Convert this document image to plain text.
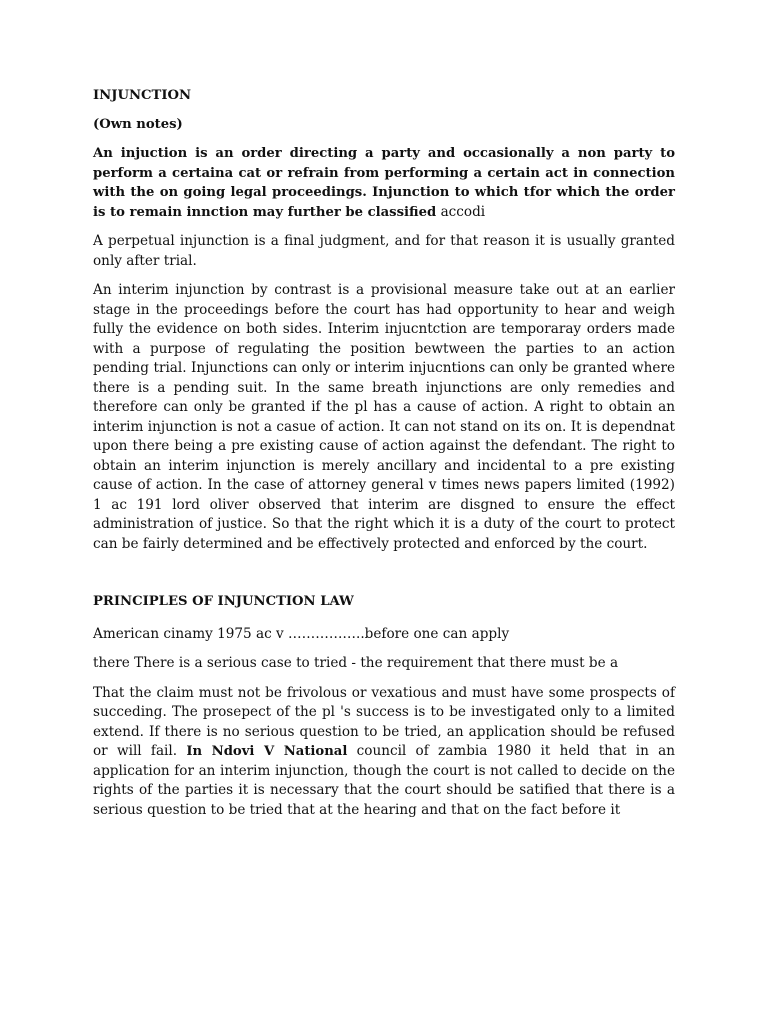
INJUNCTION

(Own notes)

An injuction is an order directing a party and occasionally a non party to perform a certaina cat or refrain from performing a certain act in connection with the on going legal proceedings. Injunction to which tfor which the order is to remain innction may further be classified accodi

A perpetual injunction is a final judgment, and for that reason it is usually granted only after trial.

An interim injunction by contrast is a provisional measure take out at an earlier stage in the proceedings before the court has had opportunity to hear and weigh fully the evidence on both sides. Interim injucntction are temporaray orders made with a purpose of regulating the position bewtween the parties to an action pending trial. Injunctions can only or interim injucntions can only be granted where there is a pending suit. In the same breath injunctions are only remedies and therefore can only be granted if the pl has a cause of action. A right to obtain an interim injunction is not a casue of action. It can not stand on its on. It is dependnat upon there being a pre existing cause of action against the defendant. The right to obtain an interim injunction is merely ancillary and incidental to a pre existing cause of action. In the case of attorney general v times news papers limited (1992) 1 ac 191 lord oliver observed that interim are disgned to ensure the effect administration of justice. So that the right which it is a duty of the court to protect can be fairly determined and be effectively protected and enforced by the court.

PRINCIPLES OF INJUNCTION LAW

American cinamy 1975 ac v ……………..before one can apply

there There is a serious case to tried - the requirement that there must be a

That the claim must not be frivolous or vexatious and must have some prospects of succeding. The prosepect of the pl 's success is to be investigated only to a limited extend. If there is no serious question to be tried, an application should be refused or will fail. In Ndovi V National council of zambia 1980 it held that in an application for an interim injunction, though the court is not called to decide on the rights of the parties it is necessary that the court should be satified that there is a serious question to be tried that at the hearing and that on the fact before it
